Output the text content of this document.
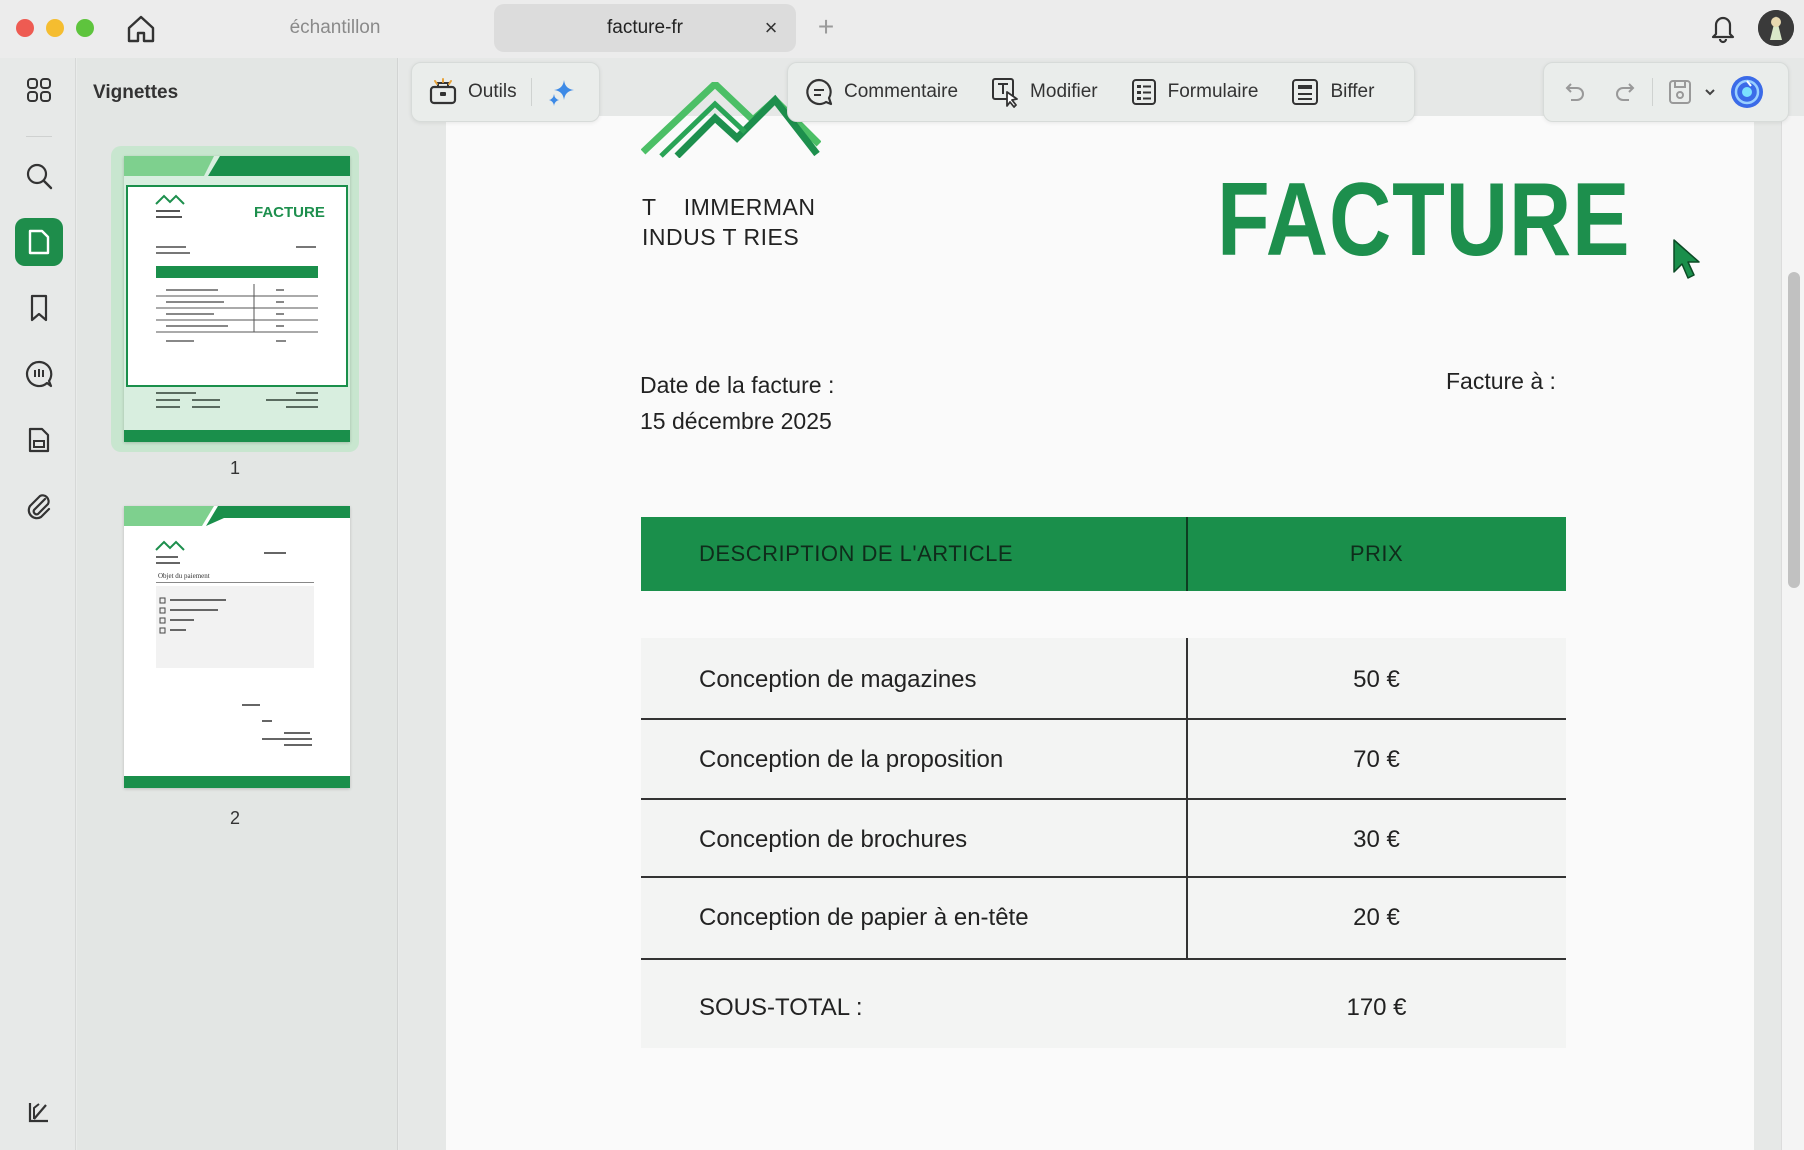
échantillon	facture-fr	× +
Vignettes
FACTURE
1
Objet du paiement
2
T    IMMERMAN
INDUS T RIES	FACTURE
Date de la facture :
15 décembre 2025
Facture à :
DESCRIPTION DE L'ARTICLE	PRIX
Conception de magazines	50 €
Conception de la proposition	70 €
Conception de brochures	30 €
Conception de papier à en-tête	20 €
SOUS-TOTAL :	170 €
Outils	Commentaire	Modifier	Formulaire	Biffer
